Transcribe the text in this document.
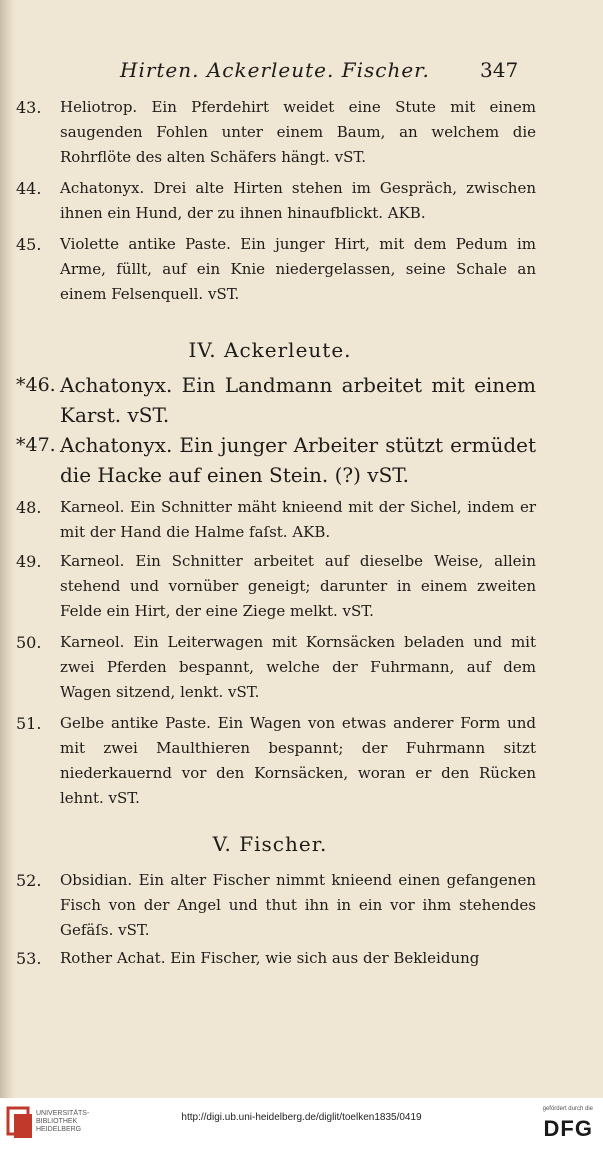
Hirten. Ackerleute. Fischer.	347
43.	Heliotrop. Ein Pferdehirt weidet eine Stute mit einem saugenden Fohlen unter einem Baum, an welchem die Rohrflöte des alten Schäfers hängt. vST.
44.	Achatonyx. Drei alte Hirten stehen im Gespräch, zwischen ihnen ein Hund, der zu ihnen hinaufblickt. AKB.
45.	Violette antike Paste. Ein junger Hirt, mit dem Pedum im Arme, füllt, auf ein Knie niedergelassen, seine Schale an einem Felsenquell. vST.
IV. Ackerleute.
*46. Achatonyx. Ein Landmann arbeitet mit einem Karst. vST.
*47. Achatonyx. Ein junger Arbeiter stützt ermüdet die Hacke auf einen Stein. (?) vST.
48.	Karneol. Ein Schnitter mäht knieend mit der Sichel, indem er mit der Hand die Halme faſst. AKB.
49.	Karneol. Ein Schnitter arbeitet auf dieselbe Weise, allein stehend und vornüber geneigt; darunter in einem zweiten Felde ein Hirt, der eine Ziege melkt. vST.
50.	Karneol. Ein Leiterwagen mit Kornsäcken beladen und mit zwei Pferden bespannt, welche der Fuhrmann, auf dem Wagen sitzend, lenkt. vST.
51.	Gelbe antike Paste. Ein Wagen von etwas anderer Form und mit zwei Maulthieren bespannt; der Fuhrmann sitzt niederkauernd vor den Kornsäcken, woran er den Rücken lehnt. vST.
V. Fischer.
52.	Obsidian. Ein alter Fischer nimmt knieend einen gefangenen Fisch von der Angel und thut ihn in ein vor ihm stehendes Gefäſs. vST.
53.	Rother Achat. Ein Fischer, wie sich aus der Bekleidung
UNIVERSITÄTS-
BIBLIOTHEK
HEIDELBERG
http://digi.ub.uni-heidelberg.de/diglit/toelken1835/0419
gefördert durch die
DFG
